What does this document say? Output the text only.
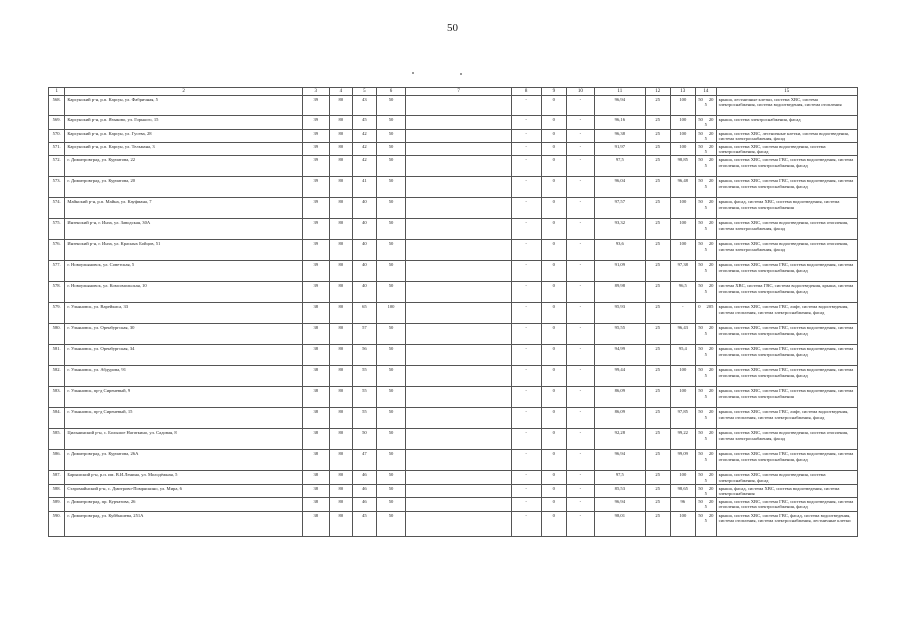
50
1	2	3	4	5	6	7	8	9	10	11	12	13	14	15
568.	Карсунский р-н, р.п. Карсун, ул. Фабричная, 5	39	80	43	50		-	0	-	96,94	25	100	50 205	крыша, лестничные клетки, система ХВС, система электроснабжения, система водоотведения, система отопления
569.	Карсунский р-н, р.п. Языково, ул. Горького, 15	39	80	45	50		-	0	-	96,16	25	100	50 205	крыша, система электроснабжения, фасад
570.	Карсунский р-н, р.п. Карсун, ул. Гусева, 28	39	80	42	50		-	0	-	96,38	25	100	50 205	крыша, система ХВС, лестничные клетки, система водоотведения, система электроснабжения, фасад
571.	Карсунский р-н, р.п. Карсун, ул. Тельмана, 3	39	80	42	50		-	0	-	91,97	25	100	50 205	крыша, система ХВС, система водоотведения, система электроснабжения, фасад
572.	г. Димитровград, ул. Курчатова, 22	39	80	42	50		-	0	-	97,5	25	98,85	50 205	крыша, система ХВС, система ГВС, система водоотведения, система отопления, система электроснабжения, фасад
573.	г. Димитровград, ул. Курчатова, 20	39	80	41	50		-	0	-	96,04	25	96,48	50 205	крыша, система ХВС, система ГВС, система водоотведения, система отопления, система электроснабжения, фасад
574.	Майнский р-н, р.п. Майна, ул. Кауфмана, 7	39	80	40	50		-	0	-	97,57	25	100	50 205	крыша, фасад, система ХВС, система водоотведения, система отопления, система электроснабжения
575.	Инзенский р-н, г. Инза, ул. Заводская, 30А	39	80	40	50		-	0	-	93,32	25	100	50 205	крыша, система ХВС, система водоотведения, система отопления, система электроснабжения, фасад
576.	Инзенский р-н, г. Инза, ул. Красных Бойцов, 51	39	80	40	50		-	0	-	93,6	25	100	50 205	крыша, система ХВС, система водоотведения, система отопления, система электроснабжения, фасад
577.	г. Новоульяновск, ул. Советская, 5	39	80	40	50		-	0	-	91,09	25	97,38	50 205	крыша, система ХВС, система ГВС, система водоотведения, система отопления, система электроснабжения, фасад
578.	г. Новоульяновск, ул. Комсомольская, 10	39	80	40	50		-	0	-	89,98	25	96,5	50 205	система ХВС, система ГВС, система водоотведения, крыша, система отопления, система электроснабжения, фасад
579.	г. Ульяновск, ул. Варейкиса, 33	38	80	65	100		-	0	-	95,93	25	-	0 205	крыша, система ХВС, система ГВС, лифт, система водоотведения, система отопления, система электроснабжения, фасад
580.	г. Ульяновск, ул. Оренбургская, 30	38	80	57	50		-	0	-	95,55	25	96,43	50 205	крыша, система ХВС, система ГВС, система водоотведения, система отопления, система электроснабжения, фасад
581.	г. Ульяновск, ул. Оренбургская, 34	38	80	56	50		-	0	-	94,99	25	95,4	50 205	крыша, система ХВС, система ГВС, система водоотведения, система отопления, система электроснабжения, фасад
582.	г. Ульяновск, ул. Абдурова, 91	38	80	55	50		-	0	-	99,44	25	100	50 205	крыша, система ХВС, система ГВС, система водоотведения, система отопления, система электроснабжения, фасад
583.	г. Ульяновск, пр-д Сиреневый, 9	38	80	55	50		-	0	-	86,09	25	100	50 205	крыша, система ХВС, система ГВС, система водоотведения, система отопления, система электроснабжения
584.	г. Ульяновск, пр-д Сиреневый, 15	38	80	55	50		-	0	-	86,09	25	97,85	50 205	крыша, система ХВС, система ГВС, лифт, система водоотведения, система отопления, система электроснабжения, фасад
585.	Цильнинский р-н, с. Большое Нагаткино, ул. Садовая, 8	38	80	50	50		-	0	-	92,28	25	99,22	50 205	крыша, система ХВС, система водоотведения, система отопления, система электроснабжения, фасад
586.	г. Димитровград, ул. Курчатова, 26А	38	80	47	50		-	0	-	96,94	25	99,09	50 205	крыша, система ХВС, система ГВС, система водоотведения, система отопления, система электроснабжения, фасад
587.	Барышский р-н, р.п. им. В.И.Ленина, ул. Молодёжная, 5	38	80	46	50		-	0	-	97,5	25	100	50 205	крыша, система ХВС, система водоотведения, система электроснабжения, фасад
588.	Старомайнский р-н, с. Дмитрово-Помряскино, ул. Мира, 6	38	80	46	50		-	0	-	85,53	25	98,65	50 205	крыша, фасад, система ХВС, система водоотведения, система электроснабжения
589.	г. Димитровград, пр. Курчатова, 26	38	80	46	50		-	0	-	96,94	25	96	50 205	крыша, система ХВС, система ГВС, система водоотведения, система отопления, система электроснабжения, фасад
590.	г. Димитровград, ул. Куйбышева, 251А	38	80	45	50		-	0	-	98,01	25	100	50 205	крыша, система ХВС, система ГВС, фасад, система водоотведения, система отопления, система электроснабжения, лестничные клетки
